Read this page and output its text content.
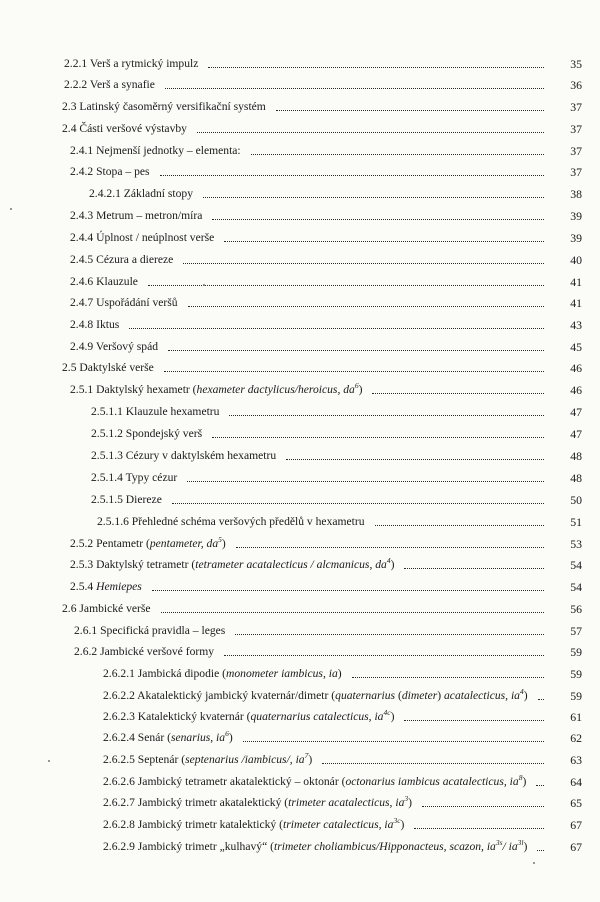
2.2.1 Verš a rytmický impulz	35
2.2.2 Verš a synafie	36
2.3 Latinský časoměrný versifikační systém	37
2.4 Části veršové výstavby	37
2.4.1 Nejmenší jednotky – elementa:	37
2.4.2 Stopa – pes	37
2.4.2.1 Základní stopy	38
2.4.3 Metrum – metron/míra	39
2.4.4 Úplnost / neúplnost verše	39
2.4.5 Cézura a diereze	40
2.4.6 Klauzule	41
2.4.7 Uspořádání veršů	41
2.4.8 Iktus	43
2.4.9 Veršový spád	45
2.5 Daktylské verše	46
2.5.1 Daktylský hexametr (hexameter dactylicus/heroicus, $da^6$)	46
2.5.1.1 Klauzule hexametru	47
2.5.1.2 Spondejský verš	47
2.5.1.3 Cézury v daktylském hexametru	48
2.5.1.4 Typy cézur	48
2.5.1.5 Diereze	50
2.5.1.6 Přehledné schéma veršových předělů v hexametru	51
2.5.2 Pentametr (pentameter, $da^5$)	53
2.5.3 Daktylský tetrametr (tetrameter acatalecticus / alcmanicus, $da^4$)	54
2.5.4 Hemiepes	54
2.6 Jambické verše	56
2.6.1 Specifická pravidla – leges	57
2.6.2 Jambické veršové formy	59
2.6.2.1 Jambická dipodie (monometer iambicus, ia)	59
2.6.2.2 Akatalektický jambický kvaternár/dimetr (quaternarius (dimeter) acatalecticus, $ia^4$)	59
2.6.2.3 Katalektický kvaternár (quaternarius catalecticus, $ia^{4c}$)	61
2.6.2.4 Senár (senarius, $ia^6$)	62
2.6.2.5 Septenár (septenarius /iambicus/, $ia^7$)	63
2.6.2.6 Jambický tetrametr akatalektický – oktonár (octonarius iambicus acatalecticus, $ia^8$)	64
2.6.2.7 Jambický trimetr akatalektický (trimeter acatalecticus, $ia^3$)	65
2.6.2.8 Jambický trimetr katalektický (trimeter catalecticus, $ia^{3c}$)	67
2.6.2.9 Jambický trimetr „kulhavý“ (trimeter choliambicus/Hipponacteus, scazon, $ia^{3s}/$ $ia^{3l}$)	67
